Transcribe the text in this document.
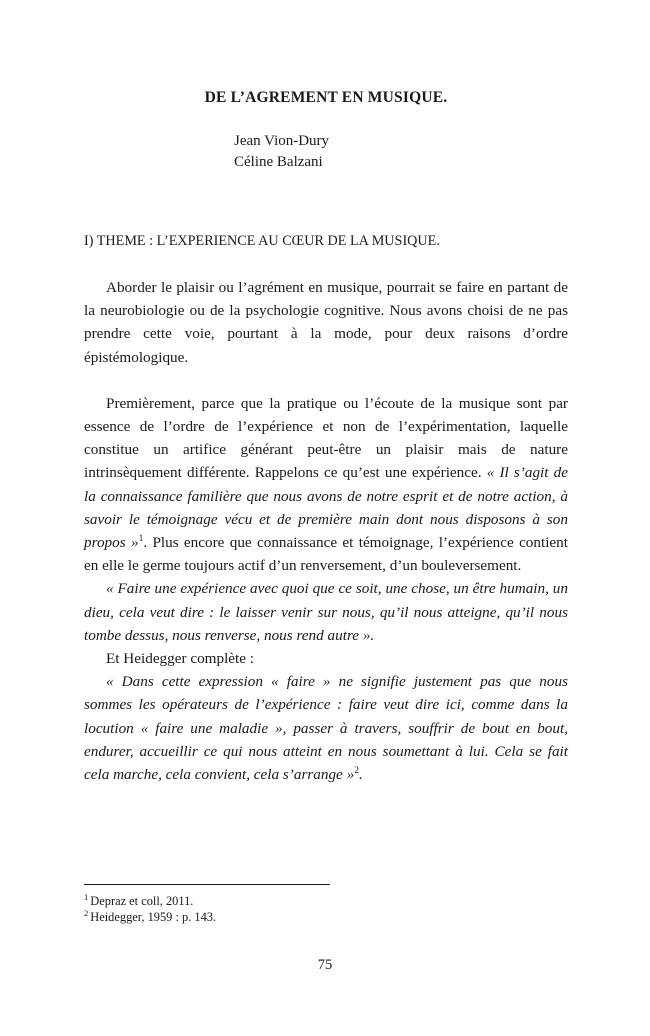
DE L’AGREMENT EN MUSIQUE.
Jean Vion-Dury
Céline Balzani
I) THEME : L’EXPERIENCE AU CŒUR DE LA MUSIQUE.

Aborder le plaisir ou l’agrément en musique, pourrait se faire en partant de la neurobiologie ou de la psychologie cognitive. Nous avons choisi de ne pas prendre cette voie, pourtant à la mode, pour deux raisons d’ordre épistémologique.

Premièrement, parce que la pratique ou l’écoute de la musique sont par essence de l’ordre de l’expérience et non de l’expérimentation, laquelle constitue un artifice générant peut-être un plaisir mais de nature intrinsèquement différente. Rappelons ce qu’est une expérience. « Il s’agit de la connaissance familière que nous avons de notre esprit et de notre action, à savoir le témoignage vécu et de première main dont nous disposons à son propos »$^1$. Plus encore que connaissance et témoignage, l’expérience contient en elle le germe toujours actif d’un renversement, d’un bouleversement.

« Faire une expérience avec quoi que ce soit, une chose, un être humain, un dieu, cela veut dire : le laisser venir sur nous, qu’il nous atteigne, qu’il nous tombe dessus, nous renverse, nous rend autre ».

Et Heidegger complète :

« Dans cette expression « faire » ne signifie justement pas que nous sommes les opérateurs de l’expérience : faire veut dire ici, comme dans la locution « faire une maladie », passer à travers, souffrir de bout en bout, endurer, accueillir ce qui nous atteint en nous soumettant à lui. Cela se fait cela marche, cela convient, cela s’arrange »$^2$.

$^1$ Depraz et coll, 2011.

$^2$ Heidegger, 1959 : p. 143.

75
